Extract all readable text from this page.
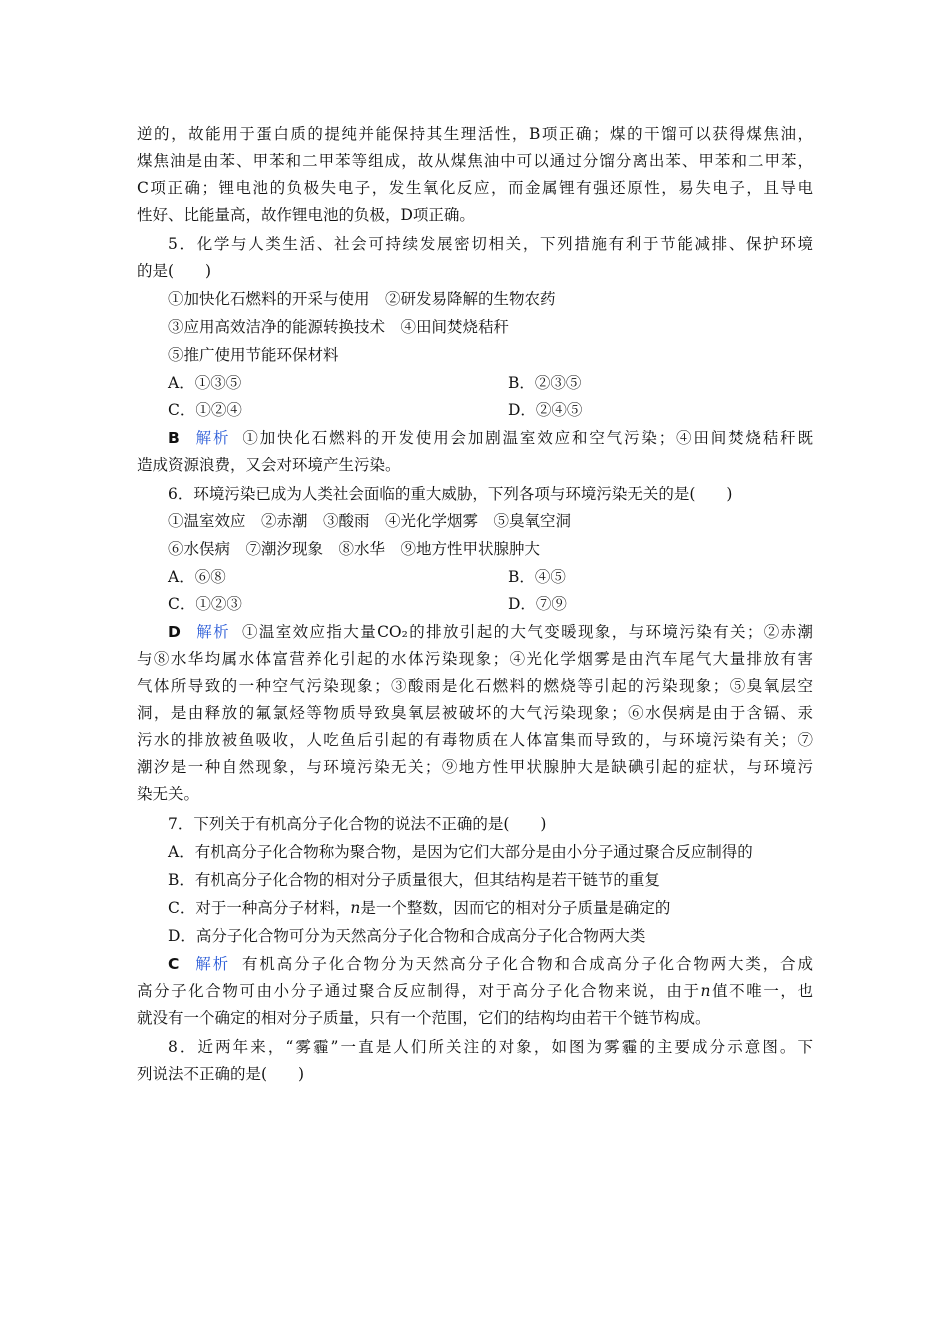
逆的，故能用于蛋白质的提纯并能保持其生理活性，B项正确；煤的干馏可以获得煤焦油，
煤焦油是由苯、甲苯和二甲苯等组成，故从煤焦油中可以通过分馏分离出苯、甲苯和二甲苯，
C项正确；锂电池的负极失电子，发生氧化反应，而金属锂有强还原性，易失电子，且导电
性好、比能量高，故作锂电池的负极，D项正确。
5．化学与人类生活、社会可持续发展密切相关，下列措施有利于节能减排、保护环境
的是(　　)
①加快化石燃料的开采与使用　②研发易降解的生物农药
③应用高效洁净的能源转换技术　④田间焚烧秸秆
⑤推广使用节能环保材料
A．①③⑤	B．②③⑤
C．①②④	D．②④⑤
B 解析 ①加快化石燃料的开发使用会加剧温室效应和空气污染；④田间焚烧秸秆既
造成资源浪费，又会对环境产生污染。
6．环境污染已成为人类社会面临的重大威胁，下列各项与环境污染无关的是(　　)
①温室效应　②赤潮　③酸雨　④光化学烟雾　⑤臭氧空洞
⑥水俣病　⑦潮汐现象　⑧水华　⑨地方性甲状腺肿大
A．⑥⑧	B．④⑤
C．①②③	D．⑦⑨
D 解析 ①温室效应指大量CO₂的排放引起的大气变暖现象，与环境污染有关；②赤潮
与⑧水华均属水体富营养化引起的水体污染现象；④光化学烟雾是由汽车尾气大量排放有害
气体所导致的一种空气污染现象；③酸雨是化石燃料的燃烧等引起的污染现象；⑤臭氧层空
洞，是由释放的氟氯烃等物质导致臭氧层被破坏的大气污染现象；⑥水俣病是由于含镉、汞
污水的排放被鱼吸收，人吃鱼后引起的有毒物质在人体富集而导致的，与环境污染有关；⑦
潮汐是一种自然现象，与环境污染无关；⑨地方性甲状腺肿大是缺碘引起的症状，与环境污
染无关。
7．下列关于有机高分子化合物的说法不正确的是(　　)
A．有机高分子化合物称为聚合物，是因为它们大部分是由小分子通过聚合反应制得的
B．有机高分子化合物的相对分子质量很大，但其结构是若干链节的重复
C．对于一种高分子材料，n是一个整数，因而它的相对分子质量是确定的
D．高分子化合物可分为天然高分子化合物和合成高分子化合物两大类
C 解析 有机高分子化合物分为天然高分子化合物和合成高分子化合物两大类，合成
高分子化合物可由小分子通过聚合反应制得，对于高分子化合物来说，由于n值不唯一，也
就没有一个确定的相对分子质量，只有一个范围，它们的结构均由若干个链节构成。
8．近两年来，“雾霾”一直是人们所关注的对象，如图为雾霾的主要成分示意图。下
列说法不正确的是(　　)
